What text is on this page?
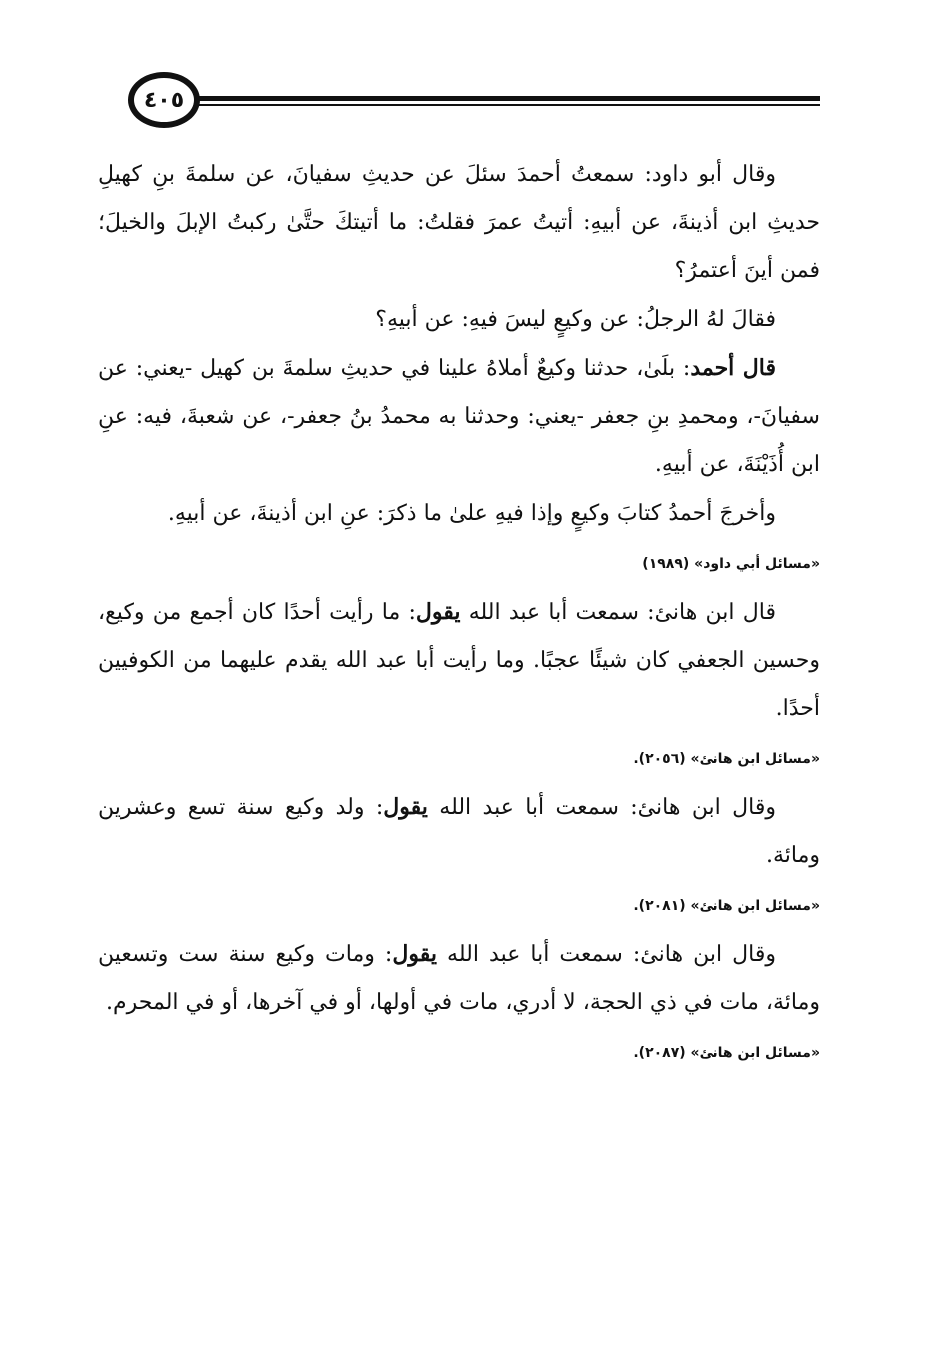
٤٠٥

وقال أبو داود: سمعتُ أحمدَ سئلَ عن حديثِ سفيانَ، عن سلمةَ بنِ كهيلِ حديثِ ابن أذينةَ، عن أبيهِ: أتيتُ عمرَ فقلتُ: ما أتيتكَ حتَّىٰ ركبتُ الإبلَ والخيلَ؛ فمن أينَ أعتمرُ؟

فقالَ لهُ الرجلُ: عن وكيعٍ ليسَ فيهِ: عن أبيهِ؟

قال أحمد: بلَىٰ، حدثنا وكيعٌ أملاهُ علينا في حديثِ سلمةَ بن كهيل -يعني: عن سفيانَ-، ومحمدِ بنِ جعفر -يعني: وحدثنا به محمدُ بنُ جعفر-، عن شعبةَ، فيه: عنِ ابن أُذَيْنَةَ، عن أبيهِ.

وأخرجَ أحمدُ كتابَ وكيعٍ وإذا فيهِ علىٰ ما ذكرَ: عنِ ابن أذينةَ، عن أبيهِ.

«مسائل أبي داود» (١٩٨٩)

قال ابن هانئ: سمعت أبا عبد الله يقول: ما رأيت أحدًا كان أجمع من وكيع، وحسين الجعفي كان شيئًا عجبًا. وما رأيت أبا عبد الله يقدم عليهما من الكوفيين أحدًا.

«مسائل ابن هانئ» (٢٠٥٦).

وقال ابن هانئ: سمعت أبا عبد الله يقول: ولد وكيع سنة تسع وعشرين ومائة.

«مسائل ابن هانئ» (٢٠٨١).

وقال ابن هانئ: سمعت أبا عبد الله يقول: ومات وكيع سنة ست وتسعين ومائة، مات في ذي الحجة، لا أدري، مات في أولها، أو في آخرها، أو في المحرم.

«مسائل ابن هانئ» (٢٠٨٧).
